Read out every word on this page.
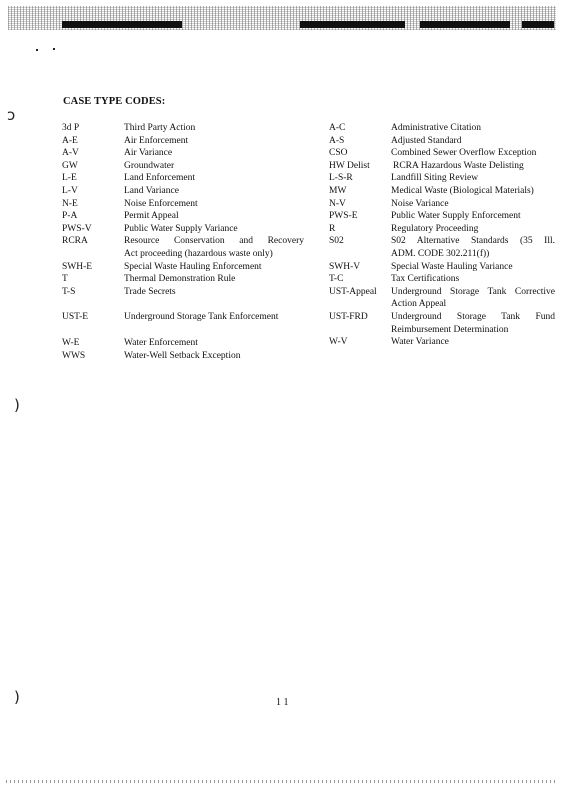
ↄ
)
)
CASE TYPE CODES:
3d P	Third Party Action
A-E	Air Enforcement
A-V	Air Variance
GW	Groundwater
L-E	Land Enforcement
L-V	Land Variance
N-E	Noise Enforcement
P-A	Permit Appeal
PWS-V	Public Water Supply Variance
RCRA	Resource Conservation and Recovery
Act proceeding (hazardous waste only)
SWH-E	Special Waste Hauling Enforcement
T	Thermal Demonstration Rule
T-S	Trade Secrets
UST-E	Underground Storage Tank Enforcement
W-E	Water Enforcement
WWS	Water-Well Setback Exception
A-C	Administrative Citation
A-S	Adjusted Standard
CSO	Combined Sewer Overflow Exception
HW Delist	RCRA Hazardous Waste Delisting
L-S-R	Landfill Siting Review
MW	Medical Waste (Biological Materials)
N-V	Noise Variance
PWS-E	Public Water Supply Enforcement
R	Regulatory Proceeding
S02	S02 Alternative Standards (35 Ill.
ADM. CODE 302.211(f))
SWH-V	Special Waste Hauling Variance
T-C	Tax Certifications
UST-Appeal	Underground Storage Tank Corrective
Action Appeal
UST-FRD	Underground Storage Tank Fund
Reimbursement Determination
W-V	Water Variance
1 1
